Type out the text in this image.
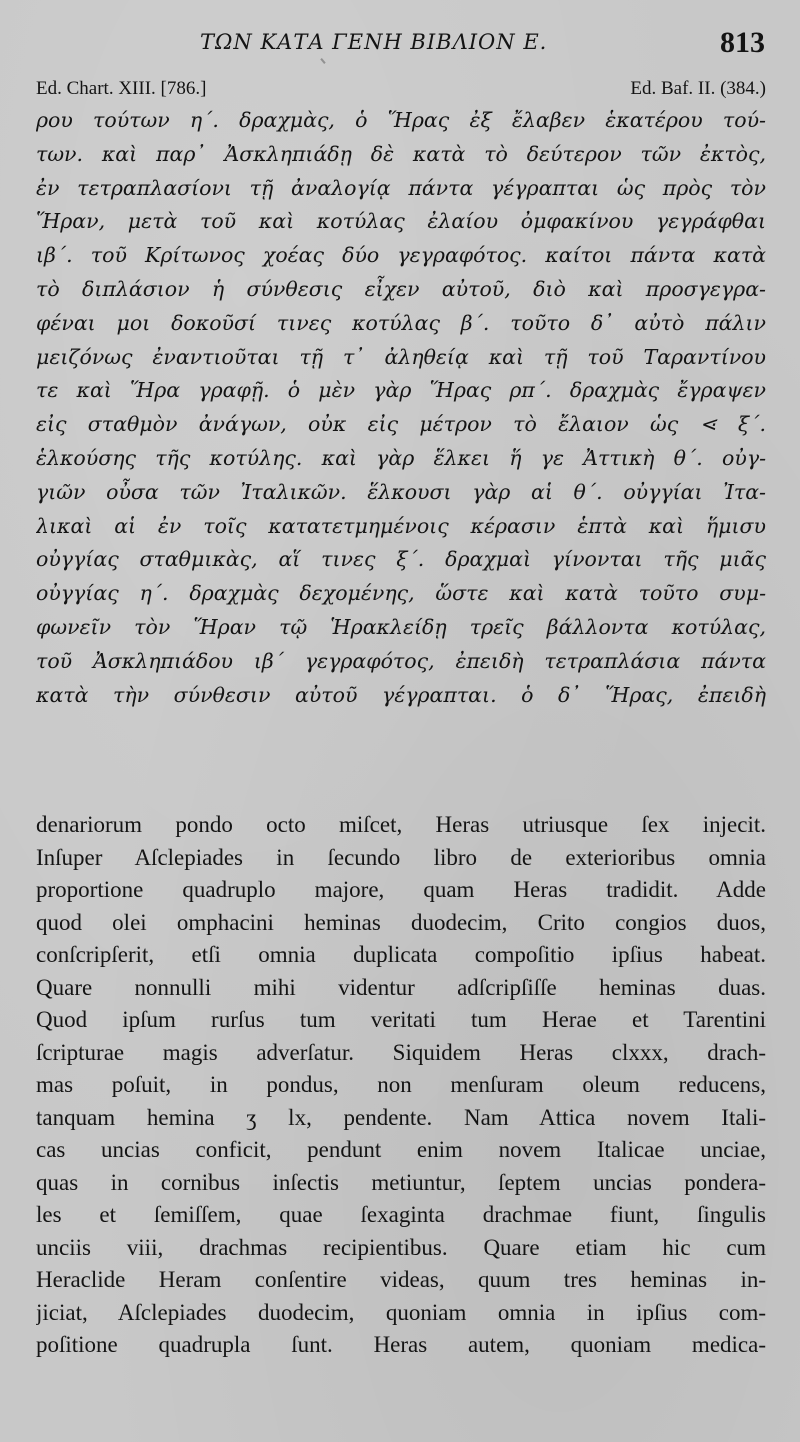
ΤΩΝ ΚΑΤΑ ΓΕΝΗ ΒΙΒΛΙΟΝ Ε.	813
Ed. Chart. XIII. [786.]	Ed. Baf. II. (384.)
ρου τούτων η΄. δραχμὰς, ὁ Ἥρας ἐξ ἔλαβεν ἑκατέρου τού-
των. καὶ παρ᾽ Ἀσκληπιάδῃ δὲ κατὰ τὸ δεύτερον τῶν ἐκτὸς,
ἐν τετραπλασίονι τῇ ἀναλογίᾳ πάντα γέγραπται ὡς πρὸς τὸν
Ἥραν, μετὰ τοῦ καὶ κοτύλας ἐλαίου ὀμφακίνου γεγράφθαι
ιβ΄. τοῦ Κρίτωνος χοέας δύο γεγραφότος. καίτοι πάντα κατὰ
τὸ διπλάσιον ἡ σύνθεσις εἶχεν αὐτοῦ, διὸ καὶ προσγεγρα-
φέναι μοι δοκοῦσί τινες κοτύλας β΄. τοῦτο δ᾽ αὐτὸ πάλιν
μειζόνως ἐναντιοῦται τῇ τ᾽ ἀληθείᾳ καὶ τῇ τοῦ Ταραντίνου
τε καὶ Ἥρα γραφῇ. ὁ μὲν γὰρ Ἥρας ρπ΄. δραχμὰς ἔγραψεν
εἰς σταθμὸν ἀνάγων, οὐκ εἰς μέτρον τὸ ἔλαιον ὡς ⋖ ξ΄.
ἑλκούσης τῆς κοτύλης. καὶ γὰρ ἕλκει ἥ γε Ἀττικὴ θ΄. οὐγ-
γιῶν οὖσα τῶν Ἰταλικῶν. ἕλκουσι γὰρ αἱ θ΄. οὐγγίαι Ἰτα-
λικαὶ αἱ ἐν τοῖς κατατετμημένοις κέρασιν ἑπτὰ καὶ ἥμισυ
οὐγγίας σταθμικὰς, αἵ τινες ξ΄. δραχμαὶ γίνονται τῆς μιᾶς
οὐγγίας η΄. δραχμὰς δεχομένης, ὥστε καὶ κατὰ τοῦτο συμ-
φωνεῖν τὸν Ἥραν τῷ Ἡρακλείδῃ τρεῖς βάλλοντα κοτύλας,
τοῦ Ἀσκληπιάδου ιβ΄ γεγραφότος, ἐπειδὴ τετραπλάσια πάντα
κατὰ τὴν σύνθεσιν αὐτοῦ γέγραπται. ὁ δ᾽ Ἥρας, ἐπειδὴ
denariorum pondo octo miſcet, Heras utriusque ſex injecit.
Inſuper Aſclepiades in ſecundo libro de exterioribus omnia
proportione quadruplo majore, quam Heras tradidit. Adde
quod olei omphacini heminas duodecim, Crito congios duos,
conſcripſerit, etſi omnia duplicata compoſitio ipſius habeat.
Quare nonnulli mihi videntur adſcripſiſſe heminas duas.
Quod ipſum rurſus tum veritati tum Herae et Tarentini
ſcripturae magis adverſatur. Siquidem Heras clxxx, drach-
mas poſuit, in pondus, non menſuram oleum reducens,
tanquam hemina ʒ lx, pendente. Nam Attica novem Itali-
cas uncias conficit, pendunt enim novem Italicae unciae,
quas in cornibus inſectis metiuntur, ſeptem uncias pondera-
les et ſemiſſem, quae ſexaginta drachmae fiunt, ſingulis
unciis viii, drachmas recipientibus. Quare etiam hic cum
Heraclide Heram conſentire videas, quum tres heminas in-
jiciat, Aſclepiades duodecim, quoniam omnia in ipſius com-
poſitione quadrupla ſunt. Heras autem, quoniam medica-
